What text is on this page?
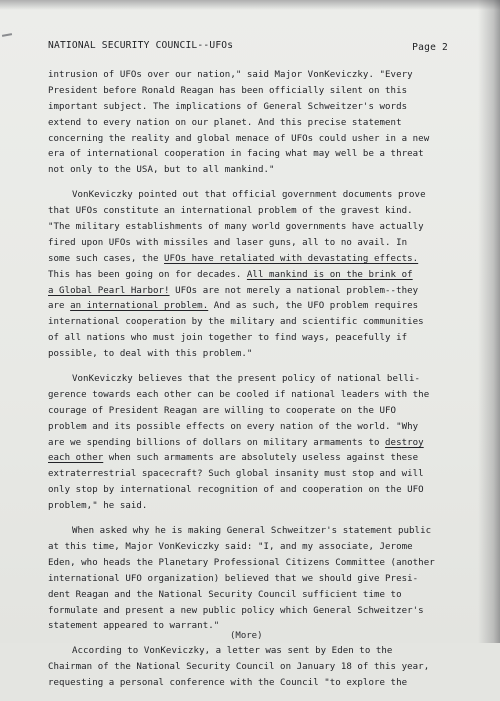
NATIONAL SECURITY COUNCIL--UFOs	Page 2
intrusion of UFOs over our nation," said Major VonKeviczky. "Every
President before Ronald Reagan has been officially silent on this
important subject. The implications of General Schweitzer's words
extend to every nation on our planet. And this precise statement
concerning the reality and global menace of UFOs could usher in a new
era of international cooperation in facing what may well be a threat
not only to the USA, but to all mankind."
VonKeviczky pointed out that official government documents prove
that UFOs constitute an international problem of the gravest kind.
"The military establishments of many world governments have actually
fired upon UFOs with missiles and laser guns, all to no avail. In
some such cases, the UFOs have retaliated with devastating effects.
This has been going on for decades. All mankind is on the brink of
a Global Pearl Harbor! UFOs are not merely a national problem--they
are an international problem. And as such, the UFO problem requires
international cooperation by the military and scientific communities
of all nations who must join together to find ways, peacefully if
possible, to deal with this problem."
VonKeviczky believes that the present policy of national belli-
gerence towards each other can be cooled if national leaders with the
courage of President Reagan are willing to cooperate on the UFO
problem and its possible effects on every nation of the world. "Why
are we spending billions of dollars on military armaments to destroy
each other when such armaments are absolutely useless against these
extraterrestrial spacecraft? Such global insanity must stop and will
only stop by international recognition of and cooperation on the UFO
problem," he said.
When asked why he is making General Schweitzer's statement public
at this time, Major VonKeviczky said: "I, and my associate, Jerome
Eden, who heads the Planetary Professional Citizens Committee (another
international UFO organization) believed that we should give Presi-
dent Reagan and the National Security Council sufficient time to
formulate and present a new public policy which General Schweitzer's
statement appeared to warrant."
According to VonKeviczky, a letter was sent by Eden to the
Chairman of the National Security Council on January 18 of this year,
requesting a personal conference with the Council "to explore the
(More)
